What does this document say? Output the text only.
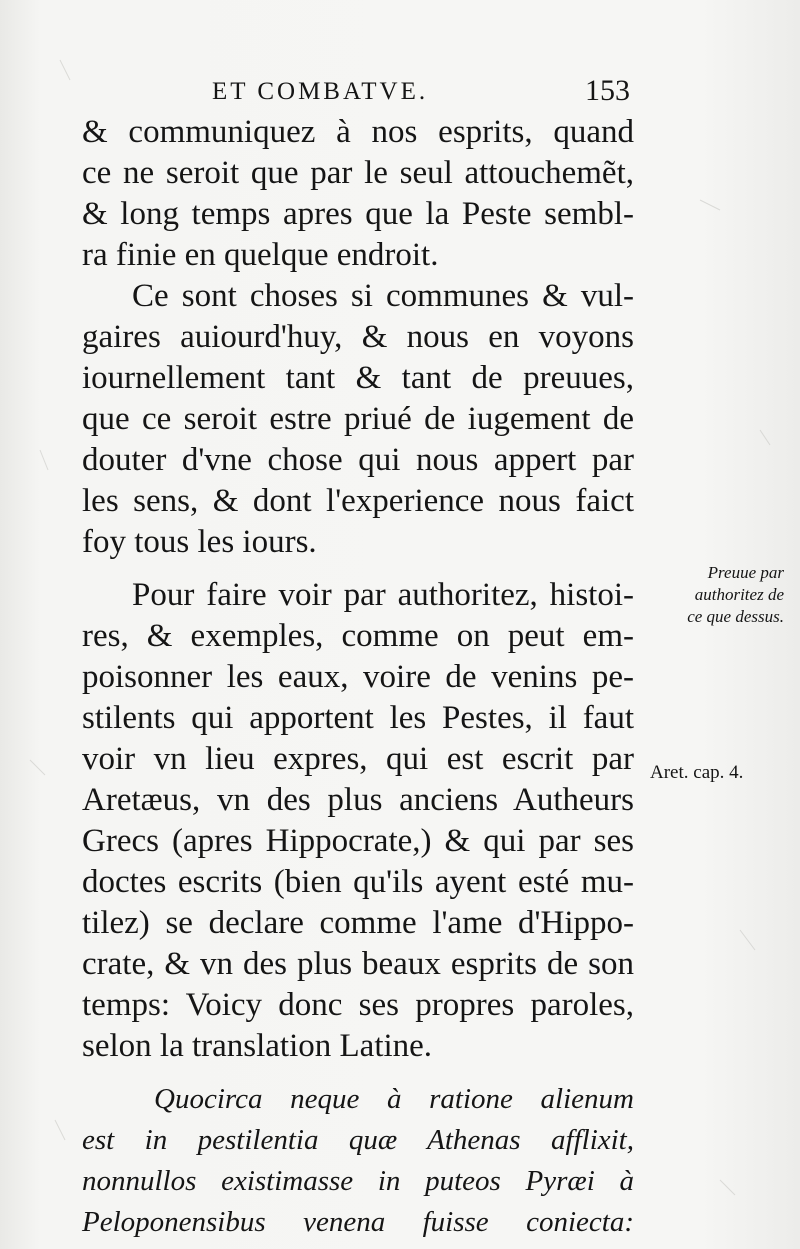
ET COMBATVE.	153
& communiquez à nos esprits, quand
ce ne seroit que par le seul attouchemẽt,
& long temps apres que la Peste sembl-
ra finie en quelque endroit.
Ce sont choses si communes & vul-
gaires auiourd'huy, & nous en voyons
iournellement tant & tant de preuues,
que ce seroit estre priué de iugement de
douter d'vne chose qui nous appert par
les sens, & dont l'experience nous faict
foy tous les iours.
Pour faire voir par authoritez, histoi-
res, & exemples, comme on peut em-
poisonner les eaux, voire de venins pe-
stilents qui apportent les Pestes, il faut
voir vn lieu expres, qui est escrit par
Aretæus, vn des plus anciens Autheurs
Grecs (apres Hippocrate,) & qui par ses
doctes escrits (bien qu'ils ayent esté mu-
tilez) se declare comme l'ame d'Hippo-
crate, & vn des plus beaux esprits de son
temps: Voicy donc ses propres paroles,
selon la translation Latine.
Quocirca neque à ratione alienum
est in pestilentia quæ Athenas afflixit,
nonnullos existimasse in puteos Pyræi à
Peloponensibus venena fuisse coniecta:
Preuue par
authoritez de
ce que dessus.
Aret. cap. 4.
